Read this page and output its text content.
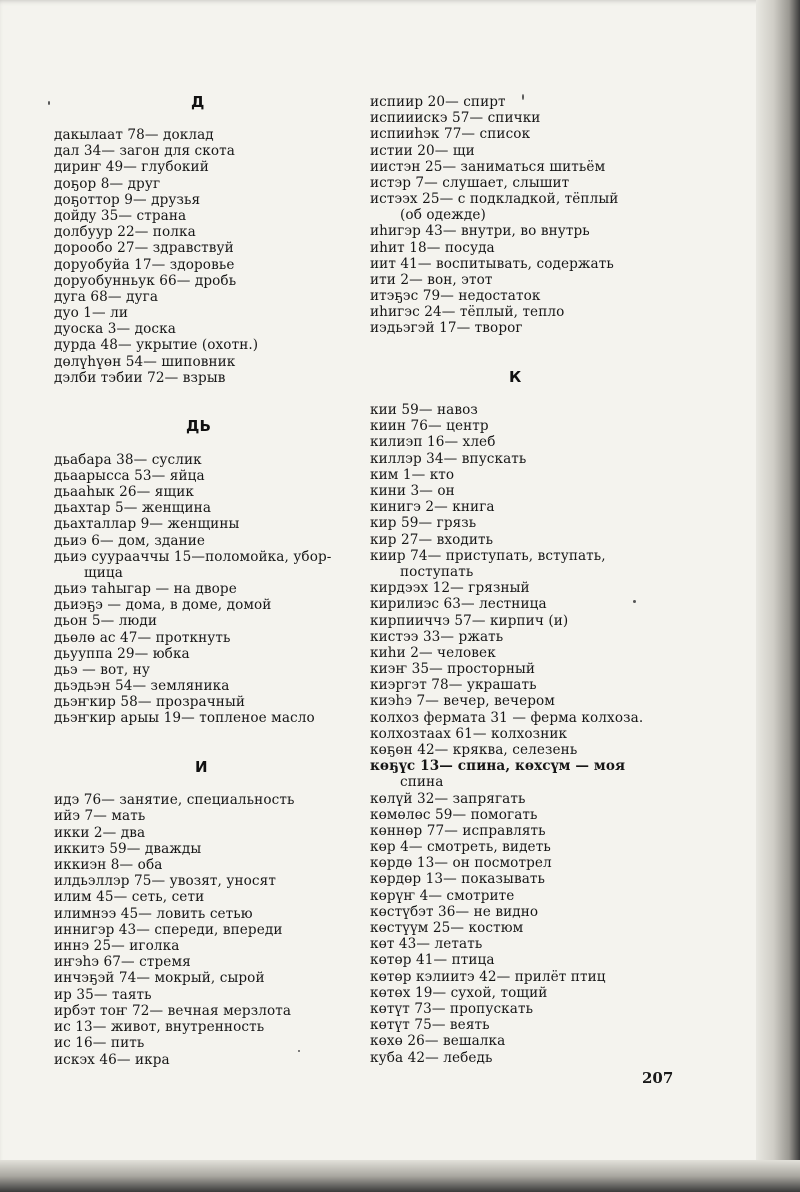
Д
дакылаат 78— доклад
дал 34— загон для скота
дириҥ 49— глубокий
доҕор 8— друг
доҕоттор 9— друзья
дойду 35— страна
долбуур 22— полка
дорообо 27— здравствуй
доруобуйа 17— здоровье
доруобунньук 66— дробь
дуга 68— дуга
дуо 1— ли
дуоска 3— доска
дурда 48— укрытие (охотн.)
дөлүһүөн 54— шиповник
дэлби тэбии 72— взрыв
ДЬ
дьабара 38— суслик
дьаарысса 53— яйца
дьааһык 26— ящик
дьахтар 5— женщина
дьахталлар 9— женщины
дьиэ 6— дом, здание
дьиэ суурааччы 15—поломойка, убор-
щица
дьиэ таһыгар — на дворе
дьиэҕэ — дома, в доме, домой
дьон 5— люди
дьөлө ас 47— проткнуть
дьууппа 29— юбка
дьэ — вот, ну
дьэдьэн 54— земляника
дьэҥкир 58— прозрачный
дьэҥкир арыы 19— топленое масло
И
идэ 76— занятие, специальность
ийэ 7— мать
икки 2— два
иккитэ 59— дважды
иккиэн 8— оба
илдьэллэр 75— увозят, уносят
илим 45— сеть, сети
илимнээ 45— ловить сетью
иннигэр 43— спереди, впереди
иннэ 25— иголка
иҥэһэ 67— стремя
инчэҕэй 74— мокрый, сырой
ир 35— таять
ирбэт тоҥ 72— вечная мерзлота
ис 13— живот, внутренность
ис 16— пить
искэх 46— икра
испиир 20— спирт
испииискэ 57— спички
испииһэк 77— список
истии 20— щи
иистэн 25— заниматься шитьём
истэр 7— слушает, слышит
истээх 25— с подкладкой, тёплый
(об одежде)
иһигэр 43— внутри, во внутрь
иһит 18— посуда
иит 41— воспитывать, содержать
ити 2— вон, этот
итэҕэс 79— недостаток
иһигэс 24— тёплый, тепло
иэдьэгэй 17— творог
К
кии 59— навоз
киин 76— центр
килиэп 16— хлеб
киллэр 34— впускать
ким 1— кто
кини 3— он
кинигэ 2— книга
кир 59— грязь
кир 27— входить
киир 74— приступать, вступать,
поступать
кирдээх 12— грязный
кирилиэс 63— лестница
кирпииччэ 57— кирпич (и)
кистээ 33— ржать
киһи 2— человек
киэҥ 35— просторный
киэргэт 78— украшать
киэһэ 7— вечер, вечером
колхоз фермата 31 — ферма колхоза.
колхозтаах 61— колхозник
көҕөн 42— кряква, селезень
көҕүс 13— спина, көхсүм — моя
спина
көлүй 32— запрягать
көмөлөс 59— помогать
көннөр 77— исправлять
көр 4— смотреть, видеть
көрдө 13— он посмотрел
көрдөр 13— показывать
көрүҥ 4— смотрите
көстүбэт 36— не видно
көстүүм 25— костюм
көт 43— летать
көтөр 41— птица
көтөр кэлиитэ 42— прилёт птиц
көтөх 19— сухой, тощий
көтүт 73— пропускать
көтүт 75— веять
көхө 26— вешалка
куба 42— лебедь
207
